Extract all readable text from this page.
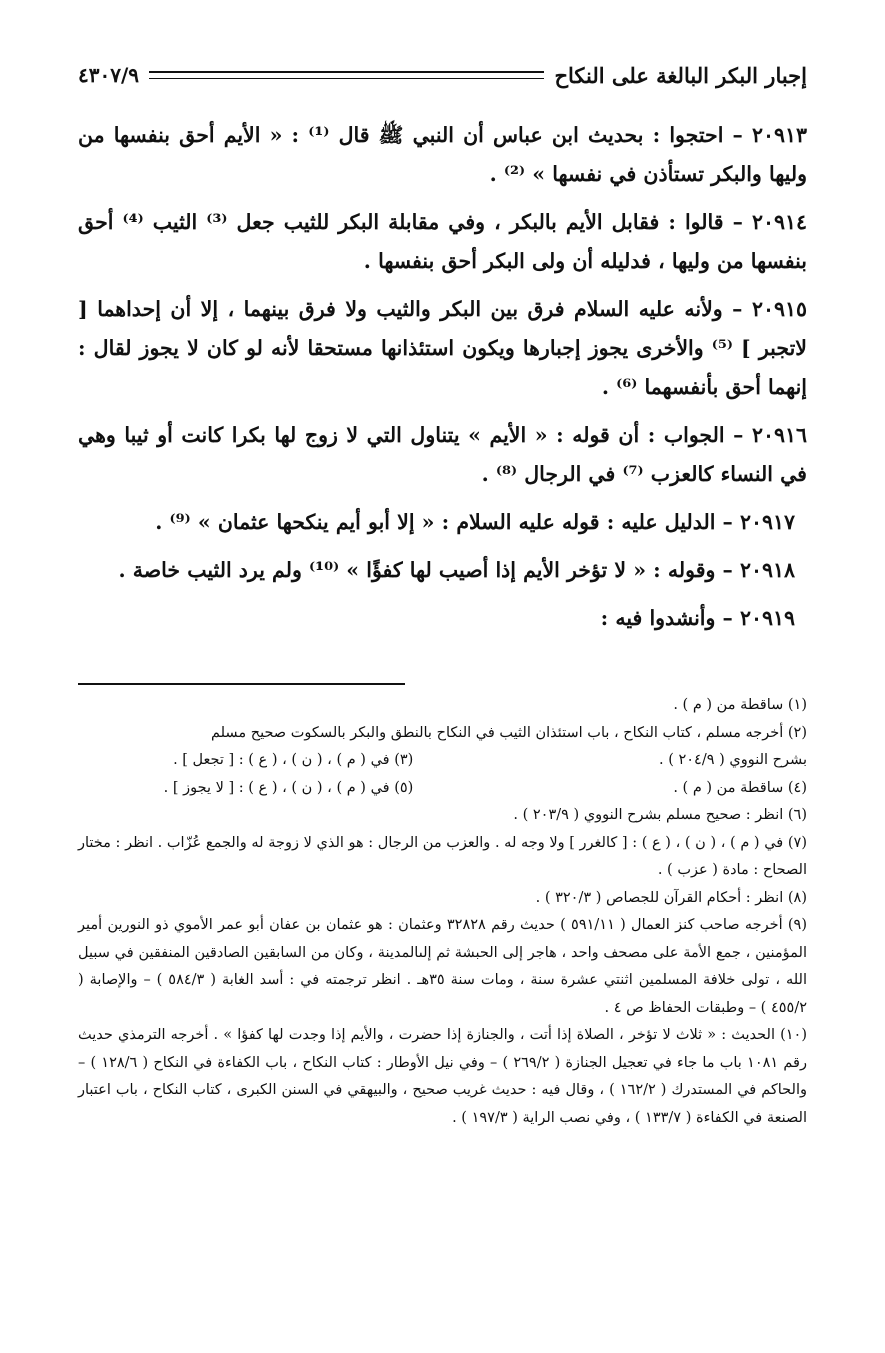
إجبار البكر البالغة على النكاح
٤٣٠٧/٩

٢٠٩١٣ – احتجوا : بحديث ابن عباس أن النبي ﷺ قال ⁽¹⁾ : « الأيم أحق بنفسها من وليها والبكر تستأذن في نفسها » ⁽²⁾ .

٢٠٩١٤ – قالوا : فقابل الأيم بالبكر ، وفي مقابلة البكر للثيب جعل ⁽³⁾ الثيب ⁽⁴⁾ أحق بنفسها من وليها ، فدليله أن ولى البكر أحق بنفسها .

٢٠٩١٥ – ولأنه عليه السلام فرق بين البكر والثيب ولا فرق بينهما ، إلا أن إحداهما [ لاتجبر ] ⁽⁵⁾ والأخرى يجوز إجبارها ويكون استئذانها مستحقا لأنه لو كان لا يجوز لقال : إنهما أحق بأنفسهما ⁽⁶⁾ .

٢٠٩١٦ – الجواب : أن قوله : « الأيم » يتناول التي لا زوج لها بكرا كانت أو ثيبا وهي في النساء كالعزب ⁽⁷⁾ في الرجال ⁽⁸⁾ .

٢٠٩١٧ – الدليل عليه : قوله عليه السلام : « إلا أبو أيم ينكحها عثمان » ⁽⁹⁾ .

٢٠٩١٨ – وقوله : « لا تؤخر الأيم إذا أصيب لها كفؤًا » ⁽¹⁰⁾ ولم يرد الثيب خاصة .

٢٠٩١٩ – وأنشدوا فيه :

(١) ساقطة من ( م ) .

(٢) أخرجه مسلم ، كتاب النكاح ، باب استئذان الثيب في النكاح بالنطق والبكر بالسكوت صحيح مسلم

بشرح النووي ( ٢٠٤/٩ ) .
(٣) في ( م ) ، ( ن ) ، ( ع ) : [ تجعل ] .
(٤) ساقطة من ( م ) .
(٥) في ( م ) ، ( ن ) ، ( ع ) : [ لا يجوز ] .

(٦) انظر : صحيح مسلم بشرح النووي ( ٢٠٣/٩ ) .

(٧) في ( م ) ، ( ن ) ، ( ع ) : [ كالغرر ] ولا وجه له . والعزب من الرجال : هو الذي لا زوجة له والجمع عُزّاب . انظر : مختار الصحاح : مادة ( عزب ) .

(٨) انظر : أحكام القرآن للجصاص ( ٣٢٠/٣ ) .

(٩) أخرجه صاحب كنز العمال ( ٥٩١/١١ ) حديث رقم ٣٢٨٢٨ وعثمان : هو عثمان بن عفان أبو عمر الأموي ذو النورين أمير المؤمنين ، جمع الأمة على مصحف واحد ، هاجر إلى الحبشة ثم إلىالمدينة ، وكان من السابقين الصادقين المنفقين في سبيل الله ، تولى خلافة المسلمين اثنتي عشرة سنة ، ومات سنة ٣٥هـ . انظر ترجمته في : أسد الغابة ( ٥٨٤/٣ ) – والإصابة ( ٤٥٥/٢ ) – وطبقات الحفاظ ص ٤ .

(١٠) الحديث : « ثلاث لا تؤخر ، الصلاة إذا أتت ، والجنازة إذا حضرت ، والأيم إذا وجدت لها كفؤا » . أخرجه الترمذي حديث رقم ١٠٨١ باب ما جاء في تعجيل الجنازة ( ٢٦٩/٢ ) – وفي نيل الأوطار : كتاب النكاح ، باب الكفاءة في النكاح ( ١٢٨/٦ ) – والحاكم في المستدرك ( ١٦٢/٢ ) ، وقال فيه : حديث غريب صحيح ، والبيهقي في السنن الكبرى ، كتاب النكاح ، باب اعتبار الصنعة في الكفاءة ( ١٣٣/٧ ) ، وفي نصب الراية ( ١٩٧/٣ ) .
